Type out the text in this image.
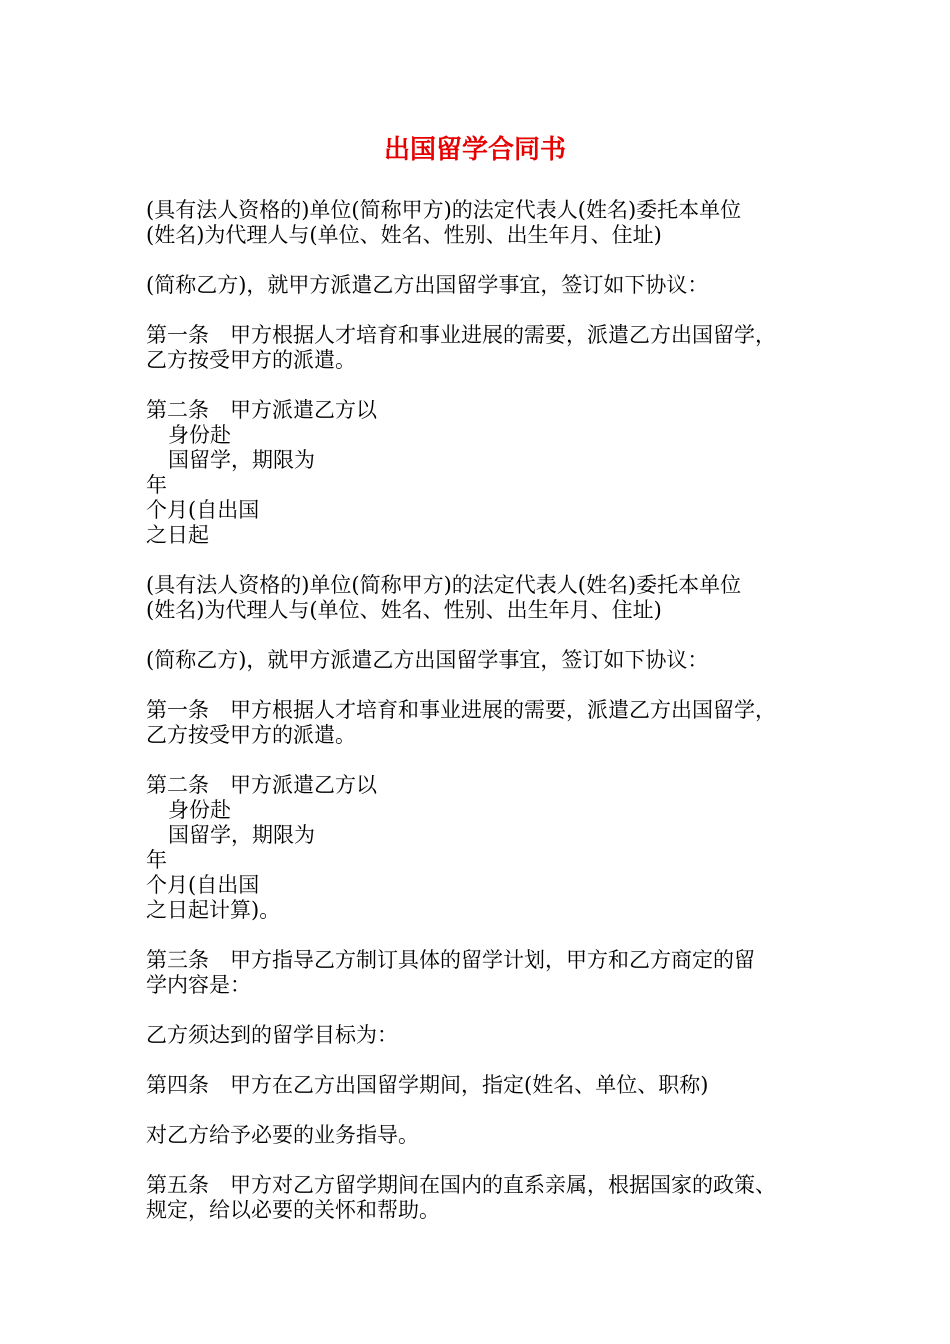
出国留学合同书
(具有法人资格的)单位(简称甲方)的法定代表人(姓名)委托本单位
(姓名)为代理人与(单位、姓名、性别、出生年月、住址)
(简称乙方)，就甲方派遣乙方出国留学事宜，签订如下协议：
第一条　甲方根据人才培育和事业进展的需要，派遣乙方出国留学，
乙方按受甲方的派遣。
第二条　甲方派遣乙方以
身份赴
国留学，期限为
年
个月(自出国
之日起
(具有法人资格的)单位(简称甲方)的法定代表人(姓名)委托本单位
(姓名)为代理人与(单位、姓名、性别、出生年月、住址)
(简称乙方)，就甲方派遣乙方出国留学事宜，签订如下协议：
第一条　甲方根据人才培育和事业进展的需要，派遣乙方出国留学，
乙方按受甲方的派遣。
第二条　甲方派遣乙方以
身份赴
国留学，期限为
年
个月(自出国
之日起计算)。
第三条　甲方指导乙方制订具体的留学计划，甲方和乙方商定的留
学内容是：
乙方须达到的留学目标为：
第四条　甲方在乙方出国留学期间，指定(姓名、单位、职称)
对乙方给予必要的业务指导。
第五条　甲方对乙方留学期间在国内的直系亲属，根据国家的政策、
规定，给以必要的关怀和帮助。
